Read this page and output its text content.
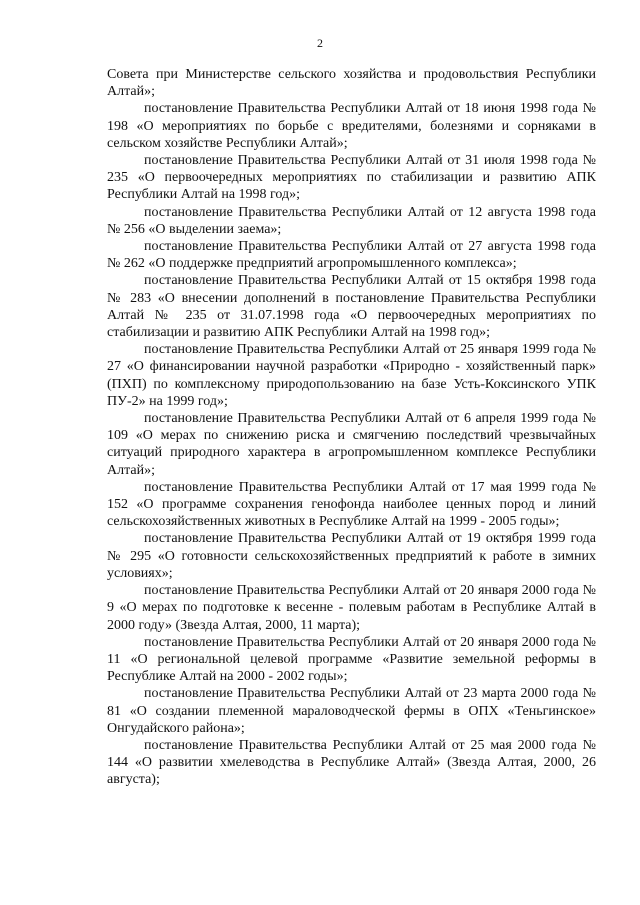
2

Совета при Министерстве сельского хозяйства и продовольствия Республики Алтай»;

постановление Правительства Республики Алтай от 18 июня 1998 года № 198 «О мероприятиях по борьбе с вредителями, болезнями и сорняками в сельском хозяйстве Республики Алтай»;

постановление Правительства Республики Алтай от 31 июля 1998 года № 235 «О первоочередных мероприятиях по стабилизации и развитию АПК Республики Алтай на 1998 год»;

постановление Правительства Республики Алтай от 12 августа 1998 года № 256 «О выделении заема»;

постановление Правительства Республики Алтай от 27 августа 1998 года № 262 «О поддержке предприятий агропромышленного комплекса»;

постановление Правительства Республики Алтай от 15 октября 1998 года № 283 «О внесении дополнений в постановление Правительства Республики Алтай № 235 от 31.07.1998 года «О первоочередных мероприятиях по стабилизации и развитию АПК Республики Алтай на 1998 год»;

постановление Правительства Республики Алтай от 25 января 1999 года № 27 «О финансировании научной разработки «Природно - хозяйственный парк» (ПХП) по комплексному природопользованию на базе Усть-Коксинского УПК ПУ-2» на 1999 год»;

постановление Правительства Республики Алтай от 6 апреля 1999 года № 109 «О мерах по снижению риска и смягчению последствий чрезвычайных ситуаций природного характера в агропромышленном комплексе Республики Алтай»;

постановление Правительства Республики Алтай от 17 мая 1999 года № 152 «О программе сохранения генофонда наиболее ценных пород и линий сельскохозяйственных животных в Республике Алтай на 1999 - 2005 годы»;

постановление Правительства Республики Алтай от 19 октября 1999 года № 295 «О готовности сельскохозяйственных предприятий к работе в зимних условиях»;

постановление Правительства Республики Алтай от 20 января 2000 года № 9 «О мерах по подготовке к весенне - полевым работам в Республике Алтай в 2000 году» (Звезда Алтая, 2000, 11 марта);

постановление Правительства Республики Алтай от 20 января 2000 года № 11 «О региональной целевой программе «Развитие земельной реформы в Республике Алтай на 2000 - 2002 годы»;

постановление Правительства Республики Алтай от 23 марта 2000 года № 81 «О создании племенной мараловодческой фермы в ОПХ «Теньгинское» Онгудайского района»;

постановление Правительства Республики Алтай от 25 мая 2000 года № 144 «О развитии хмелеводства в Республике Алтай» (Звезда Алтая, 2000, 26 августа);
